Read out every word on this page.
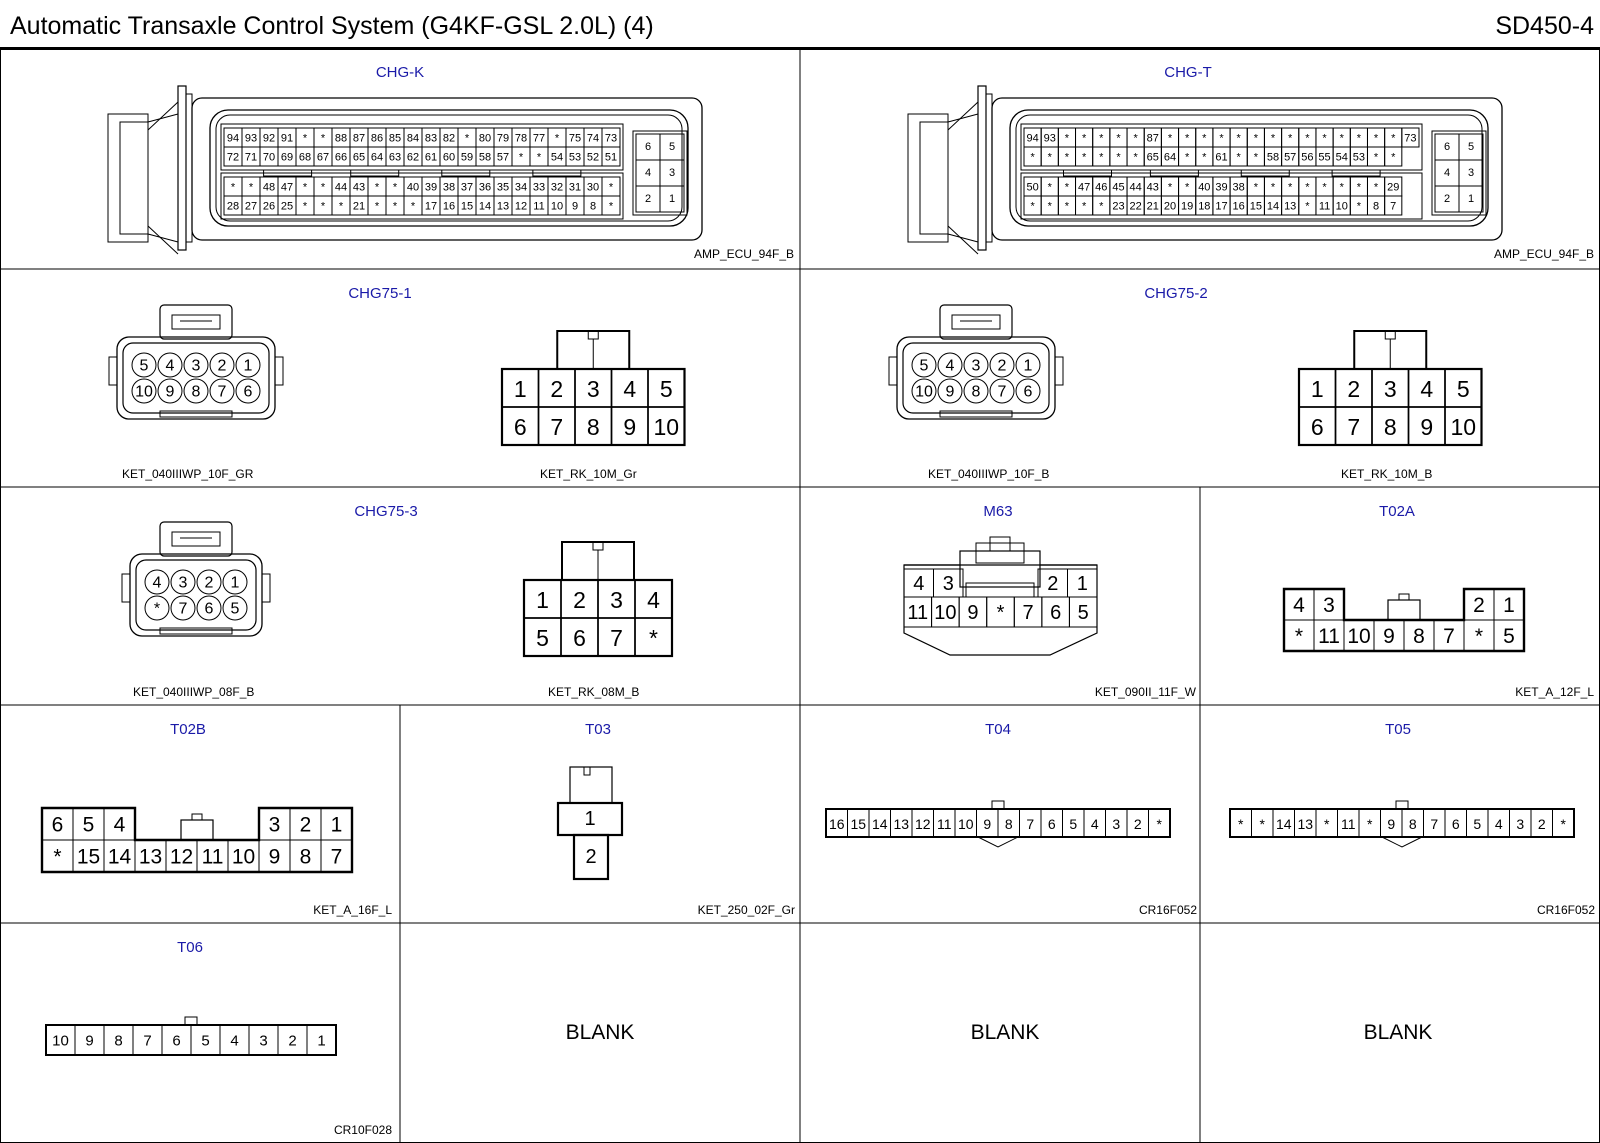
Automatic Transaxle Control System (G4KF-GSL 2.0L) (4)	SD450-4
CHG-K
94 93 92 91 * * 88 87 86 85 84 83 82 * 80 79 78 77 * 75 74 73
72 71 70 69 68 67 66 65 64 63 62 61 60 59 58 57 * * 54 53 52 51
* * 48 47 * * 44 43 * * 40 39 38 37 36 35 34 33 32 31 30 *
28 27 26 25 * * * 21 * * * 17 16 15 14 13 12 11 10 9 8 *
6 5
4 3
2 1
AMP_ECU_94F_B
CHG-T
94 93 * * * * * 87 * * * * * * * * * * * * * * 73
* * * * * * * 65 64 * * 61 * * 58 57 56 55 54 53 * *
50 * * 47 46 45 44 43 * * 40 39 38 * * * * * * * * 29
* * * * * 23 22 21 20 19 18 17 16 15 14 13 * 11 10 * 8 7
6 5
4 3
2 1
AMP_ECU_94F_B
CHG75-1
5 4 3 2 1
10 9 8 7 6	1 2 3 4 5
6 7 8 9 10
KET_040IIIWP_10F_GR	KET_RK_10M_Gr
CHG75-2
5 4 3 2 1
10 9 8 7 6	1 2 3 4 5
6 7 8 9 10
KET_040IIIWP_10F_B	KET_RK_10M_B
CHG75-3
4 3 2 1
* 7 6 5	1 2 3 4
5 6 7 *
KET_040IIIWP_08F_B	KET_RK_08M_B
M63
4 3	2 1
11 10 9 * 7 6 5
KET_090II_11F_W
T02A
4 3	2 1
* 11 10 9 8 7 * 5
KET_A_12F_L
T02B
6 5 4	3 2 1
* 15 14 13 12 11 10 9 8 7
KET_A_16F_L
T03
1
2
KET_250_02F_Gr
T04
16 15 14 13 12 11 10 9 8 7 6 5 4 3 2 *
CR16F052
T05
* * 14 13 * 11 * 9 8 7 6 5 4 3 2 *
CR16F052
T06
10 9 8 7 6 5 4 3 2 1
CR10F028
BLANK	BLANK	BLANK
